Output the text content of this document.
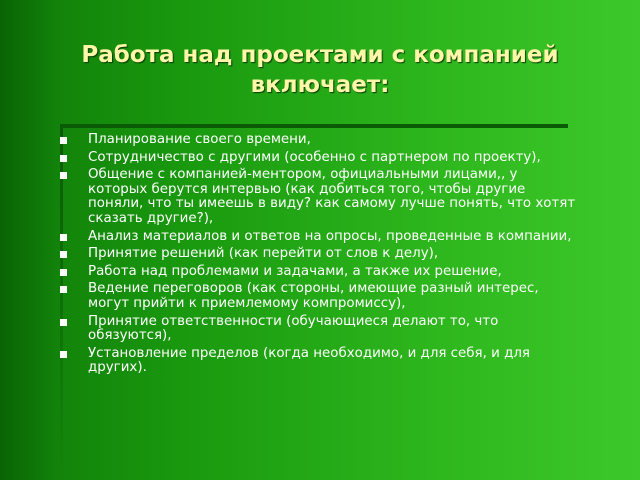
Работа над проектами с компанией включает:
Планирование своего времени,
Сотрудничество с другими (особенно с партнером по проекту),
Общение с компанией-ментором, официальными лицами,, у которых берутся интервью (как добиться того, чтобы другие поняли, что ты имеешь в виду? как самому лучше понять, что хотят сказать другие?),
Анализ материалов и ответов на опросы, проведенные в компании,
Принятие решений (как перейти от слов к делу),
Работа над проблемами и задачами, а также их решение,
Ведение переговоров (как стороны, имеющие разный интерес, могут прийти к приемлемому компромиссу),
Принятие ответственности (обучающиеся делают то, что обязуются),
Установление пределов (когда необходимо, и для себя, и для других).
